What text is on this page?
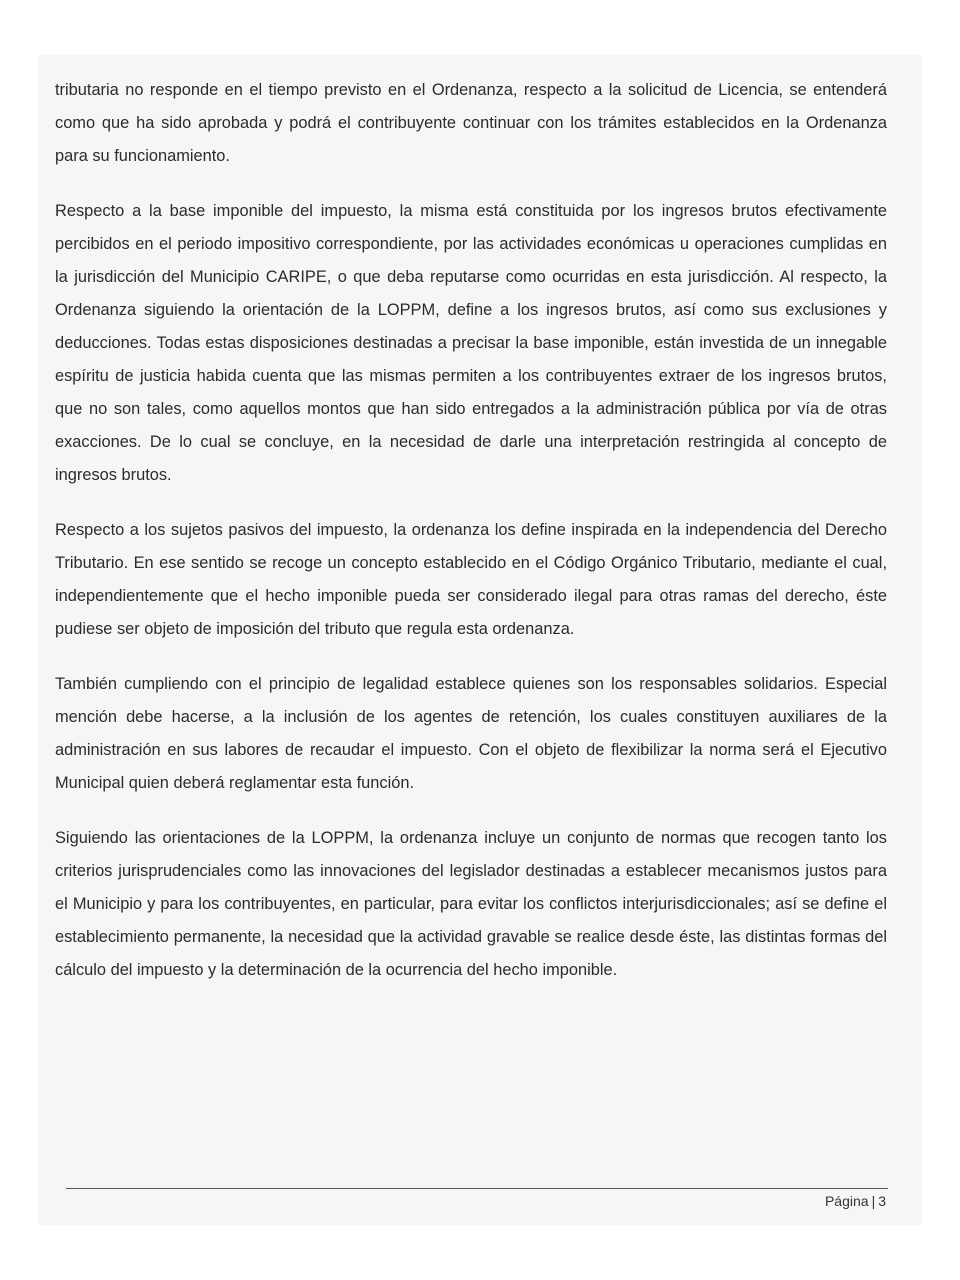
tributaria no responde en el tiempo previsto en el Ordenanza, respecto a la solicitud de Licencia, se entenderá como que ha sido aprobada y podrá el contribuyente continuar con los trámites establecidos en la Ordenanza para su funcionamiento.

Respecto a la base imponible del impuesto, la misma está constituida por los ingresos brutos efectivamente percibidos en el periodo impositivo correspondiente, por las actividades económicas u operaciones cumplidas en la jurisdicción del Municipio CARIPE, o que deba reputarse como ocurridas en esta jurisdicción. Al respecto, la Ordenanza siguiendo la orientación de la LOPPM, define a los ingresos brutos, así como sus exclusiones y deducciones. Todas estas disposiciones destinadas a precisar la base imponible, están investida de un innegable espíritu de justicia habida cuenta que las mismas permiten a los contribuyentes extraer de los ingresos brutos, que no son tales, como aquellos montos que han sido entregados a la administración pública por vía de otras exacciones. De lo cual se concluye, en la necesidad de darle una interpretación restringida al concepto de ingresos brutos.

Respecto a los sujetos pasivos del impuesto, la ordenanza los define inspirada en la independencia del Derecho Tributario. En ese sentido se recoge un concepto establecido en el Código Orgánico Tributario, mediante el cual, independientemente que el hecho imponible pueda ser considerado ilegal para otras ramas del derecho, éste pudiese ser objeto de imposición del tributo que regula esta ordenanza.

También cumpliendo con el principio de legalidad establece quienes son los responsables solidarios. Especial mención debe hacerse, a la inclusión de los agentes de retención, los cuales constituyen auxiliares de la administración en sus labores de recaudar el impuesto. Con el objeto de flexibilizar la norma será el Ejecutivo Municipal quien deberá reglamentar esta función.

Siguiendo las orientaciones de la LOPPM, la ordenanza incluye un conjunto de normas que recogen tanto los criterios jurisprudenciales como las innovaciones del legislador destinadas a establecer mecanismos justos para el Municipio y para los contribuyentes, en particular, para evitar los conflictos interjurisdiccionales; así se define el establecimiento permanente, la necesidad que la actividad gravable se realice desde éste, las distintas formas del cálculo del impuesto y la determinación de la ocurrencia del hecho imponible.

Página | 3
